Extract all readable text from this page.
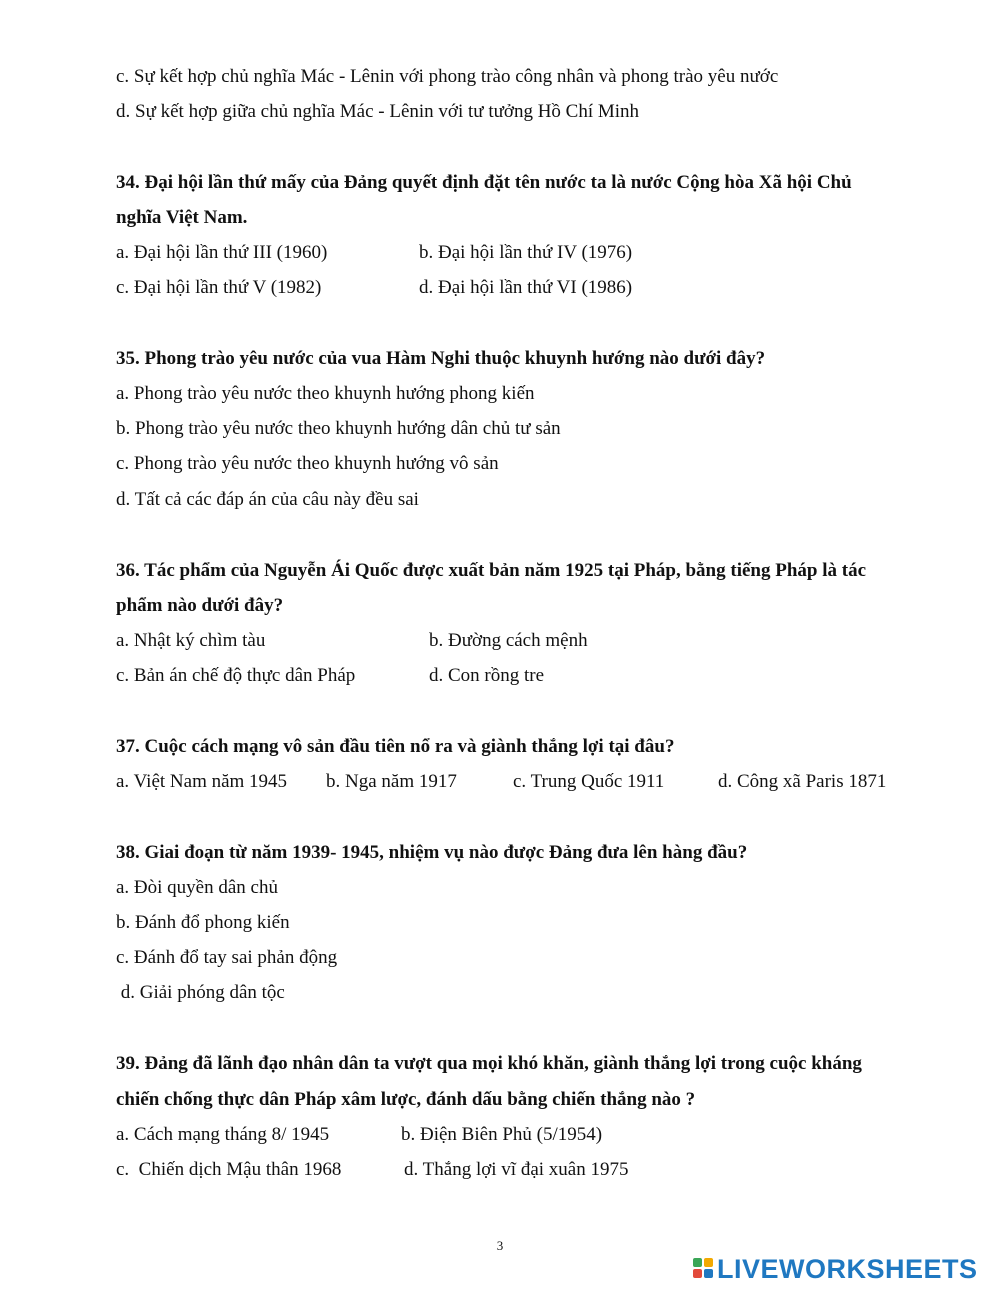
c. Sự kết hợp chủ nghĩa Mác - Lênin với phong trào công nhân và phong trào yêu nước
d. Sự kết hợp giữa chủ nghĩa Mác - Lênin với tư tưởng Hồ Chí Minh
34. Đại hội lần thứ mấy của Đảng quyết định đặt tên nước ta là nước Cộng hòa Xã hội Chủ
nghĩa Việt Nam.
a. Đại hội lần thứ III (1960)	b. Đại hội lần thứ IV (1976)
c. Đại hội lần thứ V (1982)	d. Đại hội lần thứ VI (1986)
35. Phong trào yêu nước của vua Hàm Nghi thuộc khuynh hướng nào dưới đây?
a. Phong trào yêu nước theo khuynh hướng phong kiến
b. Phong trào yêu nước theo khuynh hướng dân chủ tư sản
c. Phong trào yêu nước theo khuynh hướng vô sản
d. Tất cả các đáp án của câu này đều sai
36. Tác phẩm của Nguyễn Ái Quốc được xuất bản năm 1925 tại Pháp, bằng tiếng Pháp là tác
phẩm nào dưới đây?
a. Nhật ký chìm tàu	b. Đường cách mệnh
c. Bản án chế độ thực dân Pháp	d. Con rồng tre
37. Cuộc cách mạng vô sản đầu tiên nổ ra và giành thắng lợi tại đâu?
a. Việt Nam năm 1945 b. Nga năm 1917	c. Trung Quốc 1911	d. Công xã Paris 1871
38. Giai đoạn từ năm 1939- 1945, nhiệm vụ nào được Đảng đưa lên hàng đầu?
a. Đòi quyền dân chủ
b. Đánh đổ phong kiến
c. Đánh đổ tay sai phản động
d. Giải phóng dân tộc
39. Đảng đã lãnh đạo nhân dân ta vượt qua mọi khó khăn, giành thắng lợi trong cuộc kháng
chiến chống thực dân Pháp xâm lược, đánh dấu bằng chiến thắng nào ?
a. Cách mạng tháng 8/ 1945	b. Điện Biên Phủ (5/1954)
c.  Chiến dịch Mậu thân 1968	d. Thắng lợi vĩ đại xuân 1975
3
LIVEWORKSHEETS
